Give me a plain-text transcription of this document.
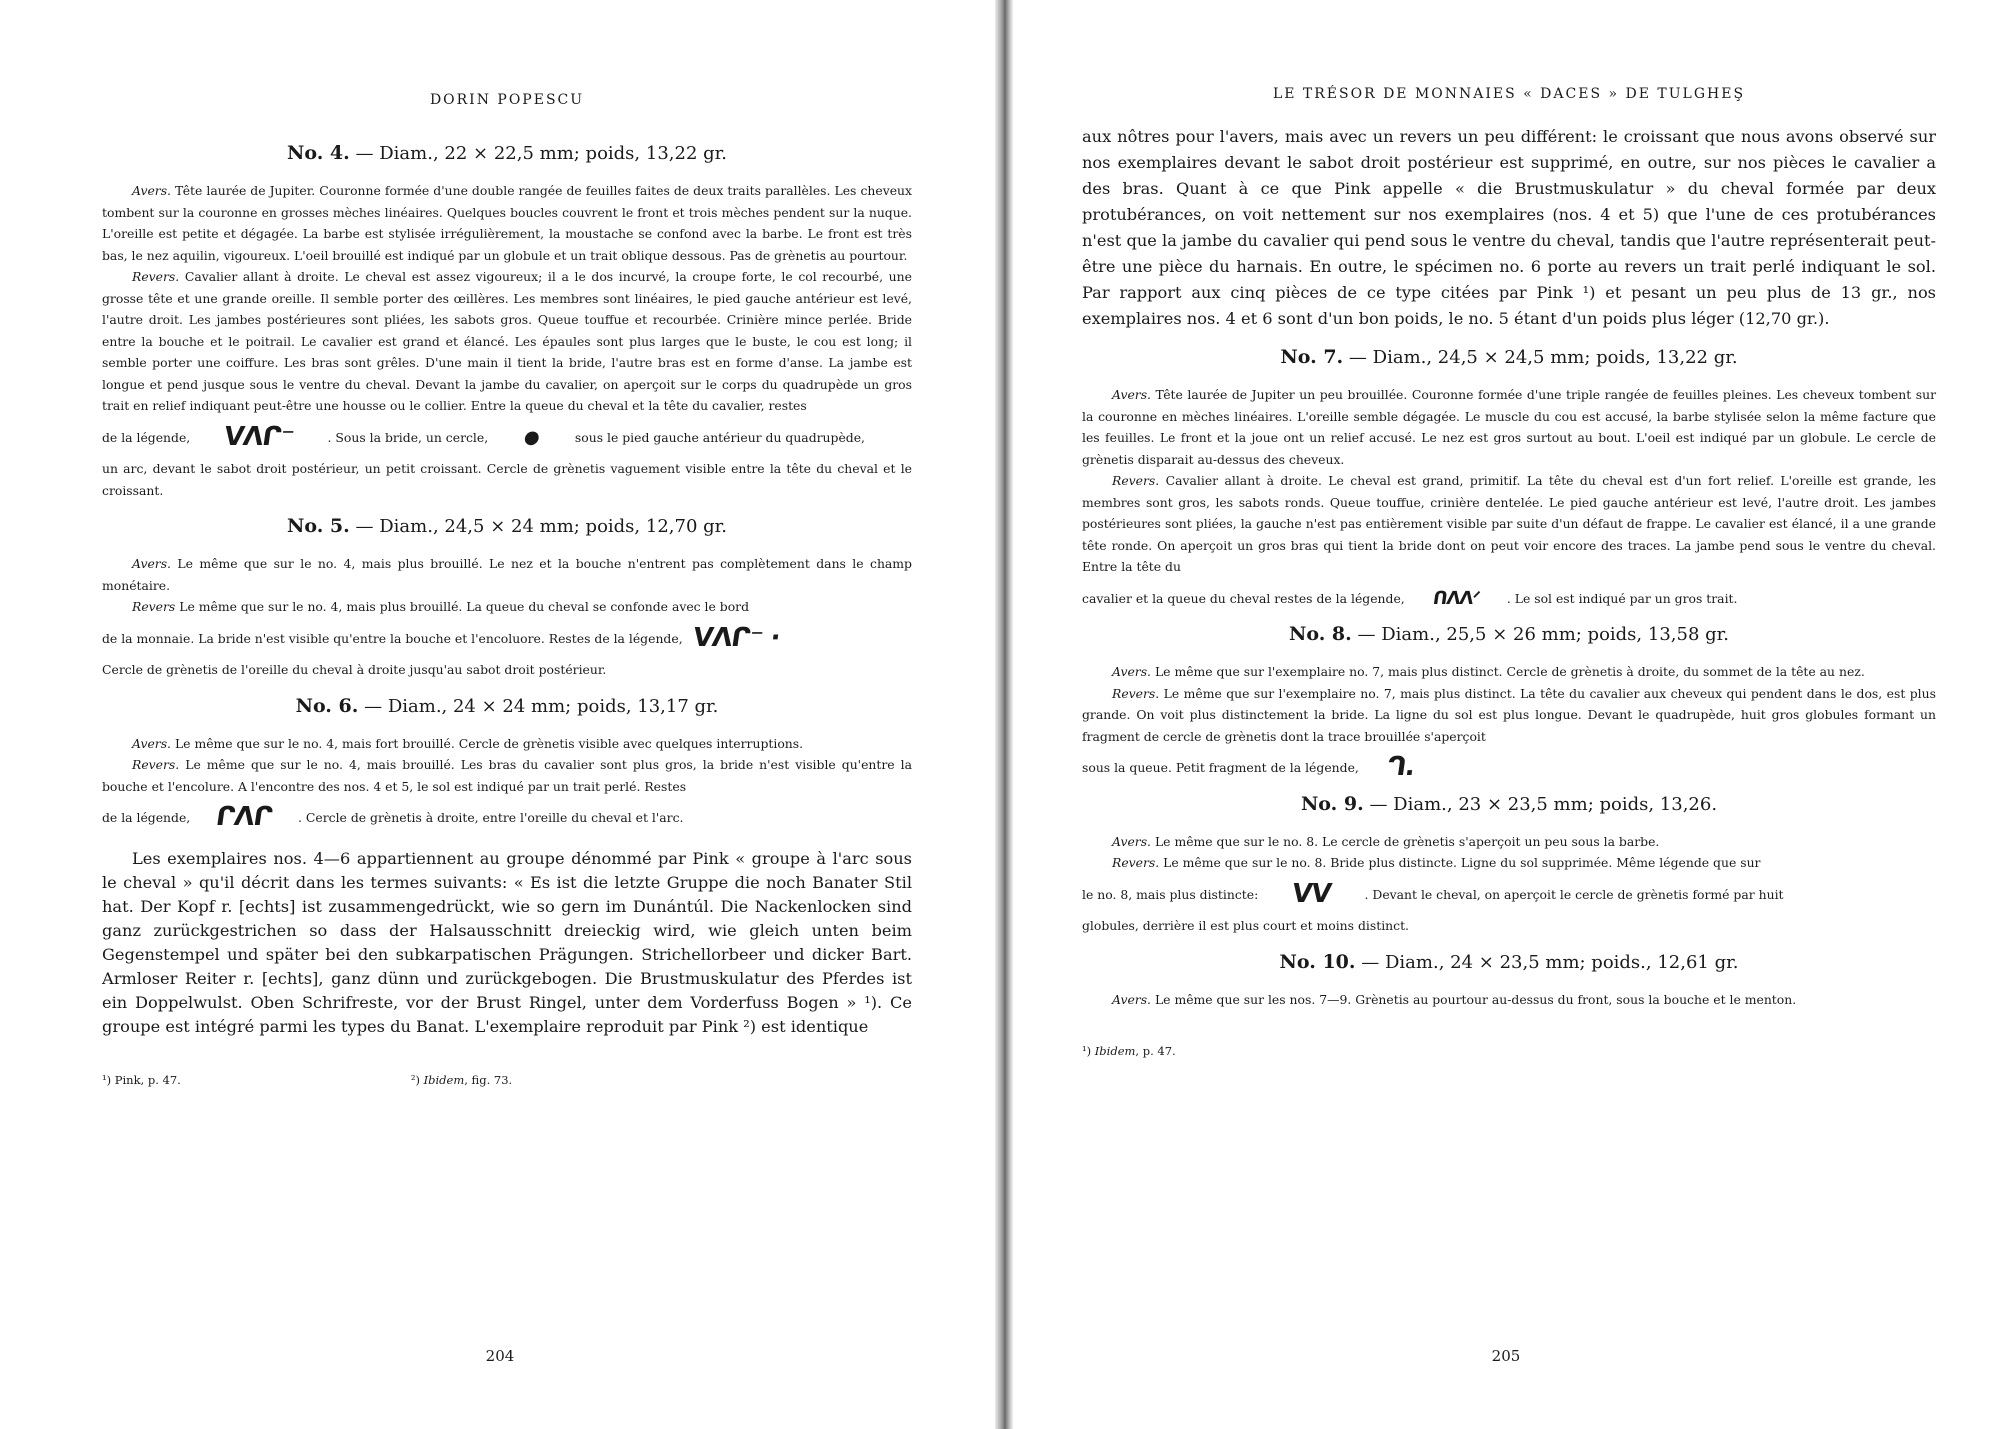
DORIN POPESCU
No. 4. — Diam., 22 × 22,5 mm; poids, 13,22 gr.

Avers. Tête laurée de Jupiter. Couronne formée d'une double rangée de feuilles faites de deux traits parallèles. Les cheveux tombent sur la couronne en grosses mèches linéaires. Quelques boucles couvrent le front et trois mèches pendent sur la nuque. L'oreille est petite et dégagée. La barbe est stylisée irrégulièrement, la moustache se confond avec la barbe. Le front est très bas, le nez aquilin, vigoureux. L'oeil brouillé est indiqué par un globule et un trait oblique dessous. Pas de grènetis au pourtour.

Revers. Cavalier allant à droite. Le cheval est assez vigoureux; il a le dos incurvé, la croupe forte, le col recourbé, une grosse tête et une grande oreille. Il semble porter des œillères. Les membres sont linéaires, le pied gauche antérieur est levé, l'autre droit. Les jambes postérieures sont pliées, les sabots gros. Queue touffue et recourbée. Crinière mince perlée. Bride entre la bouche et le poitrail. Le cavalier est grand et élancé. Les épaules sont plus larges que le buste, le cou est long; il semble porter une coiffure. Les bras sont grêles. D'une main il tient la bride, l'autre bras est en forme d'anse. La jambe est longue et pend jusque sous le ventre du cheval. Devant la jambe du cavalier, on aperçoit sur le corps du quadrupède un gros trait en relief indiquant peut-être une housse ou le collier. Entre la queue du cheval et la tête du cavalier, restes

de la légende, ᐯᐱᒋ⁻	. Sous la bride, un cercle, ●	sous le pied gauche antérieur du quadrupède,

un arc, devant le sabot droit postérieur, un petit croissant. Cercle de grènetis vaguement visible entre la tête du cheval et le croissant.

No. 5. — Diam., 24,5 × 24 mm; poids, 12,70 gr.

Avers. Le même que sur le no. 4, mais plus brouillé. Le nez et la bouche n'entrent pas complètement dans le champ monétaire.

Revers Le même que sur le no. 4, mais plus brouillé. La queue du cheval se confonde avec le bord

de la monnaie. La bride n'est visible qu'entre la bouche et l'encoluore. Restes de la légende, ᐯᐱᒋ⁻ ·

Cercle de grènetis de l'oreille du cheval à droite jusqu'au sabot droit postérieur.

No. 6. — Diam., 24 × 24 mm; poids, 13,17 gr.

Avers. Le même que sur le no. 4, mais fort brouillé. Cercle de grènetis visible avec quelques interruptions.

Revers. Le même que sur le no. 4, mais brouillé. Les bras du cavalier sont plus gros, la bride n'est visible qu'entre la bouche et l'encolure. A l'encontre des nos. 4 et 5, le sol est indiqué par un trait perlé. Restes

de la légende, ᒋᐱᒋ . Cercle de grènetis à droite, entre l'oreille du cheval et l'arc.

Les exemplaires nos. 4—6 appartiennent au groupe dénommé par Pink « groupe à l'arc sous le cheval » qu'il décrit dans les termes suivants: « Es ist die letzte Gruppe die noch Banater Stil hat. Der Kopf r. [echts] ist zusammengedrückt, wie so gern im Dunántúl. Die Nackenlocken sind ganz zurückgestrichen so dass der Halsausschnitt dreieckig wird, wie gleich unten beim Gegenstempel und später bei den subkarpatischen Prägungen. Strichellorbeer und dicker Bart. Armloser Reiter r. [echts], ganz dünn und zurückgebogen. Die Brustmuskulatur des Pferdes ist ein Doppelwulst. Oben Schrifreste, vor der Brust Ringel, unter dem Vorderfuss Bogen » ¹). Ce groupe est intégré parmi les types du Banat. L'exemplaire reproduit par Pink ²) est identique

¹) Pink, p. 47.	²) Ibidem, fig. 73.
204
LE TRÉSOR DE MONNAIES « DACES » DE TULGHEŞ

aux nôtres pour l'avers, mais avec un revers un peu différent: le croissant que nous avons observé sur nos exemplaires devant le sabot droit postérieur est supprimé, en outre, sur nos pièces le cavalier a des bras. Quant à ce que Pink appelle « die Brustmuskulatur » du cheval formée par deux protubérances, on voit nettement sur nos exemplaires (nos. 4 et 5) que l'une de ces protubérances n'est que la jambe du cavalier qui pend sous le ventre du cheval, tandis que l'autre représenterait peut-être une pièce du harnais. En outre, le spécimen no. 6 porte au revers un trait perlé indiquant le sol. Par rapport aux cinq pièces de ce type citées par Pink ¹) et pesant un peu plus de 13 gr., nos exemplaires nos. 4 et 6 sont d'un bon poids, le no. 5 étant d'un poids plus léger (12,70 gr.).

No. 7. — Diam., 24,5 × 24,5 mm; poids, 13,22 gr.

Avers. Tête laurée de Jupiter un peu brouillée. Couronne formée d'une triple rangée de feuilles pleines. Les cheveux tombent sur la couronne en mèches linéaires. L'oreille semble dégagée. Le muscle du cou est accusé, la barbe stylisée selon la même facture que les feuilles. Le front et la joue ont un relief accusé. Le nez est gros surtout au bout. L'oeil est indiqué par un globule. Le cercle de grènetis disparait au-dessus des cheveux.

Revers. Cavalier allant à droite. Le cheval est grand, primitif. La tête du cheval est d'un fort relief. L'oreille est grande, les membres sont gros, les sabots ronds. Queue touffue, crinière dentelée. Le pied gauche antérieur est levé, l'autre droit. Les jambes postérieures sont pliées, la gauche n'est pas entièrement visible par suite d'un défaut de frappe. Le cavalier est élancé, il a une grande tête ronde. On aperçoit un gros bras qui tient la bride dont on peut voir encore des traces. La jambe pend sous le ventre du cheval. Entre la tête du

cavalier et la queue du cheval restes de la légende, ᑎᐱᐱᐟ . Le sol est indiqué par un gros trait.
No. 8. — Diam., 25,5 × 26 mm; poids, 13,58 gr.

Avers. Le même que sur l'exemplaire no. 7, mais plus distinct. Cercle de grènetis à droite, du sommet de la tête au nez.

Revers. Le même que sur l'exemplaire no. 7, mais plus distinct. La tête du cavalier aux cheveux qui pendent dans le dos, est plus grande. On voit plus distinctement la bride. La ligne du sol est plus longue. Devant le quadrupède, huit gros globules formant un fragment de cercle de grènetis dont la trace brouillée s'aperçoit

sous la queue. Petit fragment de la légende, ᒉ.
No. 9. — Diam., 23 × 23,5 mm; poids, 13,26.

Avers. Le même que sur le no. 8. Le cercle de grènetis s'aperçoit un peu sous la barbe.

Revers. Le même que sur le no. 8. Bride plus distincte. Ligne du sol supprimée. Même légende que sur

le no. 8, mais plus distincte: ᐯᐯ	. Devant le cheval, on aperçoit le cercle de grènetis formé par huit

globules, derrière il est plus court et moins distinct.

No. 10. — Diam., 24 × 23,5 mm; poids., 12,61 gr.

Avers. Le même que sur les nos. 7—9. Grènetis au pourtour au-dessus du front, sous la bouche et le menton.

¹) Ibidem, p. 47.
205
